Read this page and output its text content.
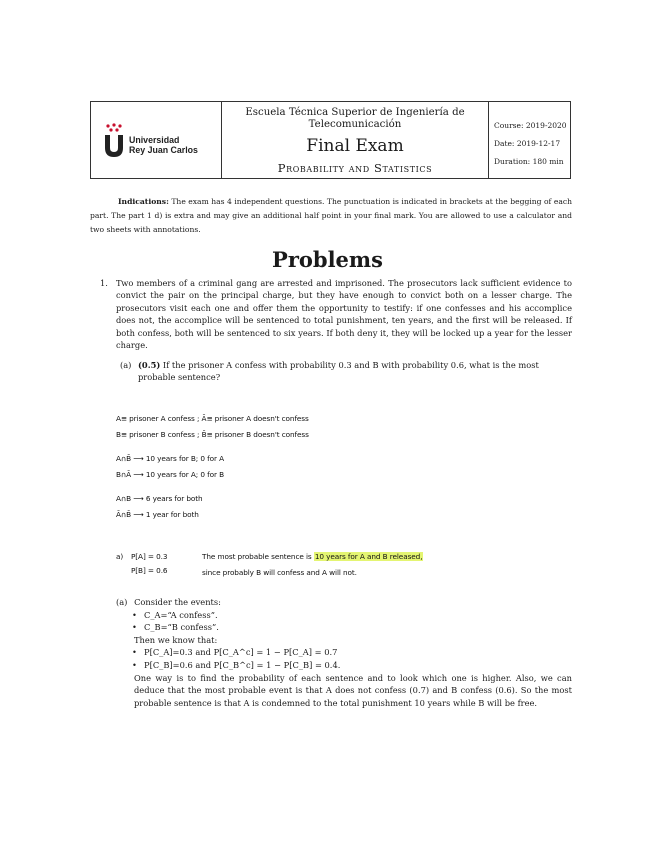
Universidad
Rey Juan Carlos
Escuela Técnica Superior de Ingeniería de
Telecomunicación
Final Exam
Probability and Statistics
Course: 2019-2020
Date: 2019-12-17
Duration: 180 min
Indications: The exam has 4 independent questions. The punctuation is indicated in brackets at the begging of each part. The part 1 d) is extra and may give an additional half point in your final mark. You are allowed to use a calculator and two sheets with annotations.
Problems
1. Two members of a criminal gang are arrested and imprisoned. The prosecutors lack sufficient evidence to convict the pair on the principal charge, but they have enough to convict both on a lesser charge. The prosecutors visit each one and offer them the opportunity to testify: if one confesses and his accomplice does not, the accomplice will be sentenced to total punishment, ten years, and the first will be released. If both confess, both will be sentenced to six years. If both deny it, they will be locked up a year for the lesser charge.
(a) (0.5) If the prisoner A confess with probability 0.3 and B with probability 0.6, what is the most probable sentence?
A≡ prisoner A confess ; Ā≡ prisoner A doesn't confess
B≡ prisoner B confess ; B̄≡ prisoner B doesn't confess
A∩B̄ ⟶ 10 years for B; 0 for A
B∩Ā ⟶ 10 years for A; 0 for B
A∩B ⟶ 6 years for both
Ā∩B̄ ⟶ 1 year for both
a) P[A] = 0.3
P[B] = 0.6
The most probable sentence is 10 years for A and B released,
since probably B will confess and A will not.
(a) Consider the events:
• C_A=“A confess”.
• C_B=“B confess”.
Then we know that:
• P[C_A]=0.3 and P[C_A^c] = 1 − P[C_A] = 0.7
• P[C_B]=0.6 and P[C_B^c] = 1 − P[C_B] = 0.4.
One way is to find the probability of each sentence and to look which one is higher. Also, we can deduce that the most probable event is that A does not confess (0.7) and B confess (0.6). So the most probable sentence is that A is condemned to the total punishment 10 years while B will be free.
